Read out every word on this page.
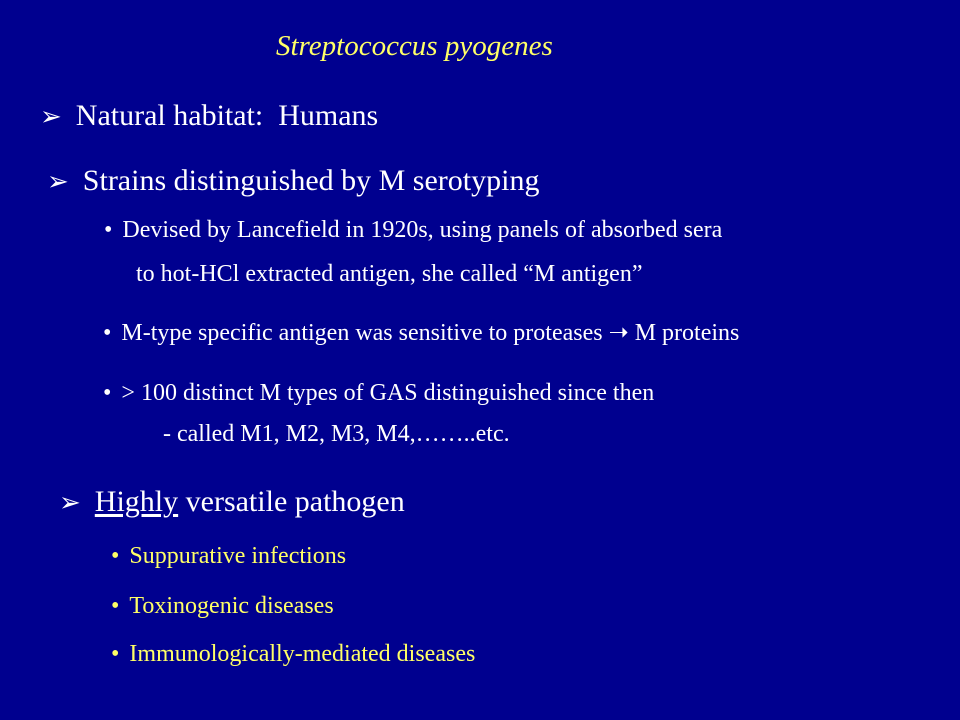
Streptococcus pyogenes
➢ Natural habitat:  Humans
➢ Strains distinguished by M serotyping
• Devised by Lancefield in 1920s, using panels of absorbed sera
to hot-HCl extracted antigen, she called “M antigen”
• M-type specific antigen was sensitive to proteases ➝ M proteins
• > 100 distinct M types of GAS distinguished since then
- called M1, M2, M3, M4,……..etc.
➢ Highly versatile pathogen
• Suppurative infections
• Toxinogenic diseases
• Immunologically-mediated diseases
